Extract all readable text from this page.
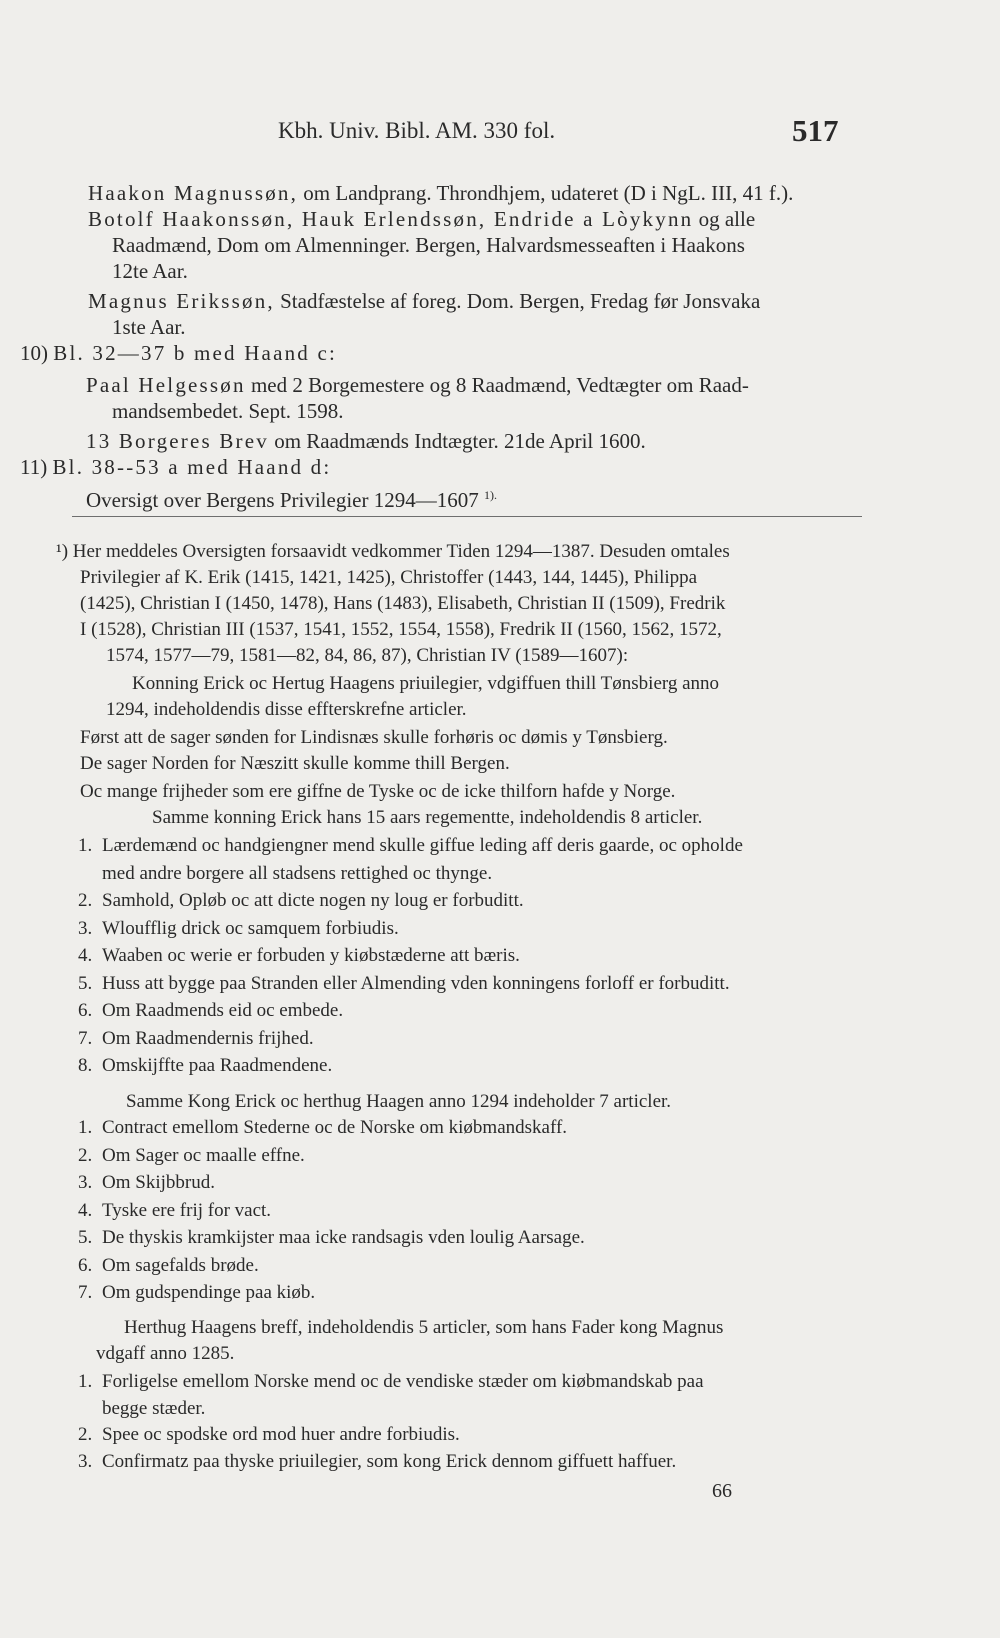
Kbh. Univ. Bibl. AM. 330 fol.	517
Haakon Magnussøn, om Landprang. Throndhjem, udateret (D i NgL. III, 41 f.).
Botolf Haakonssøn, Hauk Erlendssøn, Endride a Lòykynn og alle
Raadmænd, Dom om Almenninger. Bergen, Halvardsmesseaften i Haakons
12te Aar.
Magnus Erikssøn, Stadfæstelse af foreg. Dom. Bergen, Fredag før Jonsvaka
1ste Aar.
10) Bl. 32—37 b med Haand c:
Paal Helgessøn med 2 Borgemestere og 8 Raadmænd, Vedtægter om Raad-
mandsembedet. Sept. 1598.
13 Borgeres Brev om Raadmænds Indtægter. 21de April 1600.
11) Bl. 38--53 a med Haand d:
Oversigt over Bergens Privilegier 1294—1607 $^{1).}$
¹) Her meddeles Oversigten forsaavidt vedkommer Tiden 1294—1387. Desuden omtales
Privilegier af K. Erik (1415, 1421, 1425), Christoffer (1443, 144, 1445), Philippa
(1425), Christian I (1450, 1478), Hans (1483), Elisabeth, Christian II (1509), Fredrik
I (1528), Christian III (1537, 1541, 1552, 1554, 1558), Fredrik II (1560, 1562, 1572,
1574, 1577—79, 1581—82, 84, 86, 87), Christian IV (1589—1607):
Konning Erick oc Hertug Haagens priuilegier, vdgiffuen thill Tønsbierg anno
1294, indeholdendis disse effterskrefne articler.
Først att de sager sønden for Lindisnæs skulle forhøris oc dømis y Tønsbierg.
De sager Norden for Næszitt skulle komme thill Bergen.
Oc mange frijheder som ere giffne de Tyske oc de icke thilforn hafde y Norge.
Samme konning Erick hans 15 aars regementte, indeholdendis 8 articler.
1. Lærdemænd oc handgiengner mend skulle giffue leding aff deris gaarde, oc opholde
med andre borgere all stadsens rettighed oc thynge.
2. Samhold, Opløb oc att dicte nogen ny loug er forbuditt.
3. Wloufflig drick oc samquem forbiudis.
4. Waaben oc werie er forbuden y kiøbstæderne att bæris.
5. Huss att bygge paa Stranden eller Almending vden konningens forloff er forbuditt.
6. Om Raadmends eid oc embede.
7. Om Raadmendernis frijhed.
8. Omskijffte paa Raadmendene.
Samme Kong Erick oc herthug Haagen anno 1294 indeholder 7 articler.
1. Contract emellom Stederne oc de Norske om kiøbmandskaff.
2. Om Sager oc maalle effne.
3. Om Skijbbrud.
4. Tyske ere frij for vact.
5. De thyskis kramkijster maa icke randsagis vden loulig Aarsage.
6. Om sagefalds brøde.
7. Om gudspendinge paa kiøb.
Herthug Haagens breff, indeholdendis 5 articler, som hans Fader kong Magnus
vdgaff anno 1285.
1. Forligelse emellom Norske mend oc de vendiske stæder om kiøbmandskab paa
begge stæder.
2. Spee oc spodske ord mod huer andre forbiudis.
3. Confirmatz paa thyske priuilegier, som kong Erick dennom giffuett haffuer.
66
